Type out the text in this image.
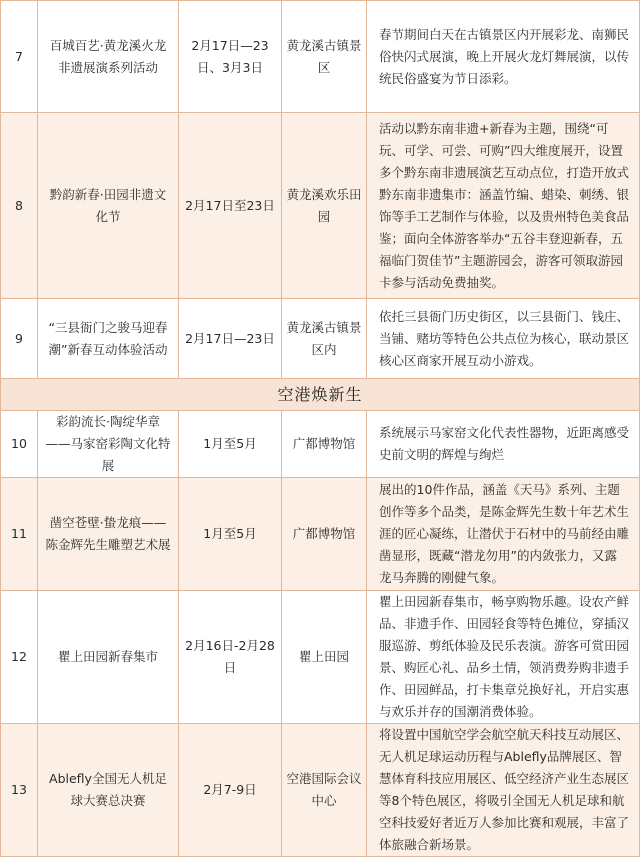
7	百城百艺·黄龙溪火龙非遗展演系列活动	2月17日—23日、3月3日	黄龙溪古镇景区	春节期间白天在古镇景区内开展彩龙、南狮民俗快闪式展演，晚上开展火龙灯舞展演，以传统民俗盛宴为节日添彩。
8	黔韵新春·田园非遗文化节	2月17日至23日	黄龙溪欢乐田园	活动以黔东南非遗+新春为主题，围绕“可玩、可学、可尝、可购”四大维度展开，设置多个黔东南非遗展演艺互动点位，打造开放式黔东南非遗集市：涵盖竹编、蜡染、刺绣、银饰等手工艺制作与体验，以及贵州特色美食品鉴；面向全体游客举办“五谷丰登迎新春，五福临门贺佳节”主题游园会，游客可领取游园卡参与活动免费抽奖。
9	“三县衙门之骏马迎春潮”新春互动体验活动	2月17日—23日	黄龙溪古镇景区内	依托三县衙门历史街区，以三县衙门、钱庄、当铺、赌坊等特色公共点位为核心，联动景区核心区商家开展互动小游戏。
空港焕新生				
10	彩韵流长·陶绽华章——马家窑彩陶文化特展	1月至5月	广都博物馆	系统展示马家窑文化代表性器物，近距离感受史前文明的辉煌与绚烂
11	凿空苍壁·蛰龙痕——陈金辉先生雕塑艺术展	1月至5月	广都博物馆	展出的10件作品，涵盖《天马》系列、主题创作等多个品类，是陈金辉先生数十年艺术生涯的匠心凝练，让潜伏于石材中的马前经由雕凿显形，既藏“潜龙勿用”的内敛张力，又露龙马奔腾的刚健气象。
12	瞿上田园新春集市	2月16日-2月28日	瞿上田园	瞿上田园新春集市，畅享购物乐趣。设农产鲜品、非遗手作、田园轻食等特色摊位，穿插汉服巡游、剪纸体验及民乐表演。游客可赏田园景、购匠心礼、品乡土情，领消费券购非遗手作、田园鲜品，打卡集章兑换好礼，开启实惠与欢乐并存的国潮消费体验。
13	Ablefly全国无人机足球大赛总决赛	2月7-9日	空港国际会议中心	将设置中国航空学会航空航天科技互动展区、无人机足球运动历程与Ablefly品牌展区、智慧体育科技应用展区、低空经济产业生态展区等8个特色展区，将吸引全国无人机足球和航空科技爱好者近万人参加比赛和观展，丰富了体旅融合新场景。
